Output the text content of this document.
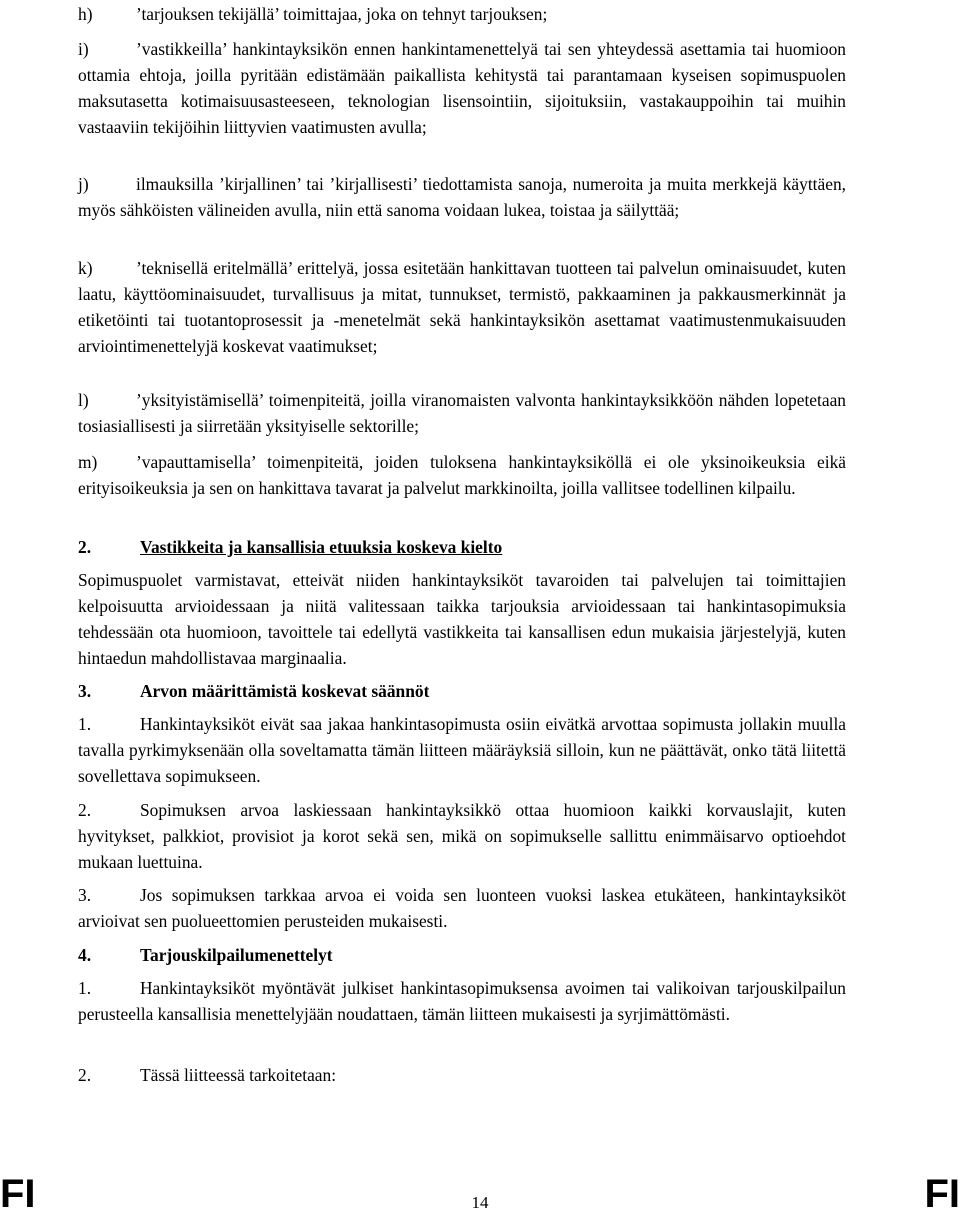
h)	’tarjouksen tekijällä’ toimittajaa, joka on tehnyt tarjouksen;

i)	’vastikkeilla’ hankintayksikön ennen hankintamenettelyä tai sen yhteydessä asettamia tai huomioon ottamia ehtoja, joilla pyritään edistämään paikallista kehitystä tai parantamaan kyseisen sopimuspuolen maksutasetta kotimaisuusasteeseen, teknologian lisensointiin, sijoituksiin, vastakauppoihin tai muihin vastaaviin tekijöihin liittyvien vaatimusten avulla;

j)	ilmauksilla ’kirjallinen’ tai ’kirjallisesti’ tiedottamista sanoja, numeroita ja muita merkkejä käyttäen, myös sähköisten välineiden avulla, niin että sanoma voidaan lukea, toistaa ja säilyttää;

k)	’teknisellä eritelmällä’ erittelyä, jossa esitetään hankittavan tuotteen tai palvelun ominaisuudet, kuten laatu, käyttöominaisuudet, turvallisuus ja mitat, tunnukset, termistö, pakkaaminen ja pakkausmerkinnät ja etiketöinti tai tuotantoprosessit ja -menetelmät sekä hankintayksikön asettamat vaatimustenmukaisuuden arviointimenettelyjä koskevat vaatimukset;

l)	’yksityistämisellä’ toimenpiteitä, joilla viranomaisten valvonta hankintayksikköön nähden lopetetaan tosiasiallisesti ja siirretään yksityiselle sektorille;

m) ’vapauttamisella’ toimenpiteitä, joiden tuloksena hankintayksiköllä ei ole yksinoikeuksia eikä erityisoikeuksia ja sen on hankittava tavarat ja palvelut markkinoilta, joilla vallitsee todellinen kilpailu.

2.	Vastikkeita ja kansallisia etuuksia koskeva kielto

Sopimuspuolet varmistavat, etteivät niiden hankintayksiköt tavaroiden tai palvelujen tai toimittajien kelpoisuutta arvioidessaan ja niitä valitessaan taikka tarjouksia arvioidessaan tai hankintasopimuksia tehdessään ota huomioon, tavoittele tai edellytä vastikkeita tai kansallisen edun mukaisia järjestelyjä, kuten hintaedun mahdollistavaa marginaalia.

3.	Arvon määrittämistä koskevat säännöt

1.	Hankintayksiköt eivät saa jakaa hankintasopimusta osiin eivätkä arvottaa sopimusta jollakin muulla tavalla pyrkimyksenään olla soveltamatta tämän liitteen määräyksiä silloin, kun ne päättävät, onko tätä liitettä sovellettava sopimukseen.

2.	Sopimuksen arvoa laskiessaan hankintayksikkö ottaa huomioon kaikki korvauslajit, kuten hyvitykset, palkkiot, provisiot ja korot sekä sen, mikä on sopimukselle sallittu enimmäisarvo optioehdot mukaan luettuina.

3.	Jos sopimuksen tarkkaa arvoa ei voida sen luonteen vuoksi laskea etukäteen, hankintayksiköt arvioivat sen puolueettomien perusteiden mukaisesti.

4.	Tarjouskilpailumenettelyt

1.	Hankintayksiköt myöntävät julkiset hankintasopimuksensa avoimen tai valikoivan tarjouskilpailun perusteella kansallisia menettelyjään noudattaen, tämän liitteen mukaisesti ja syrjimättömästi.

2.	Tässä liitteessä tarkoitetaan:

FI	14	FI
